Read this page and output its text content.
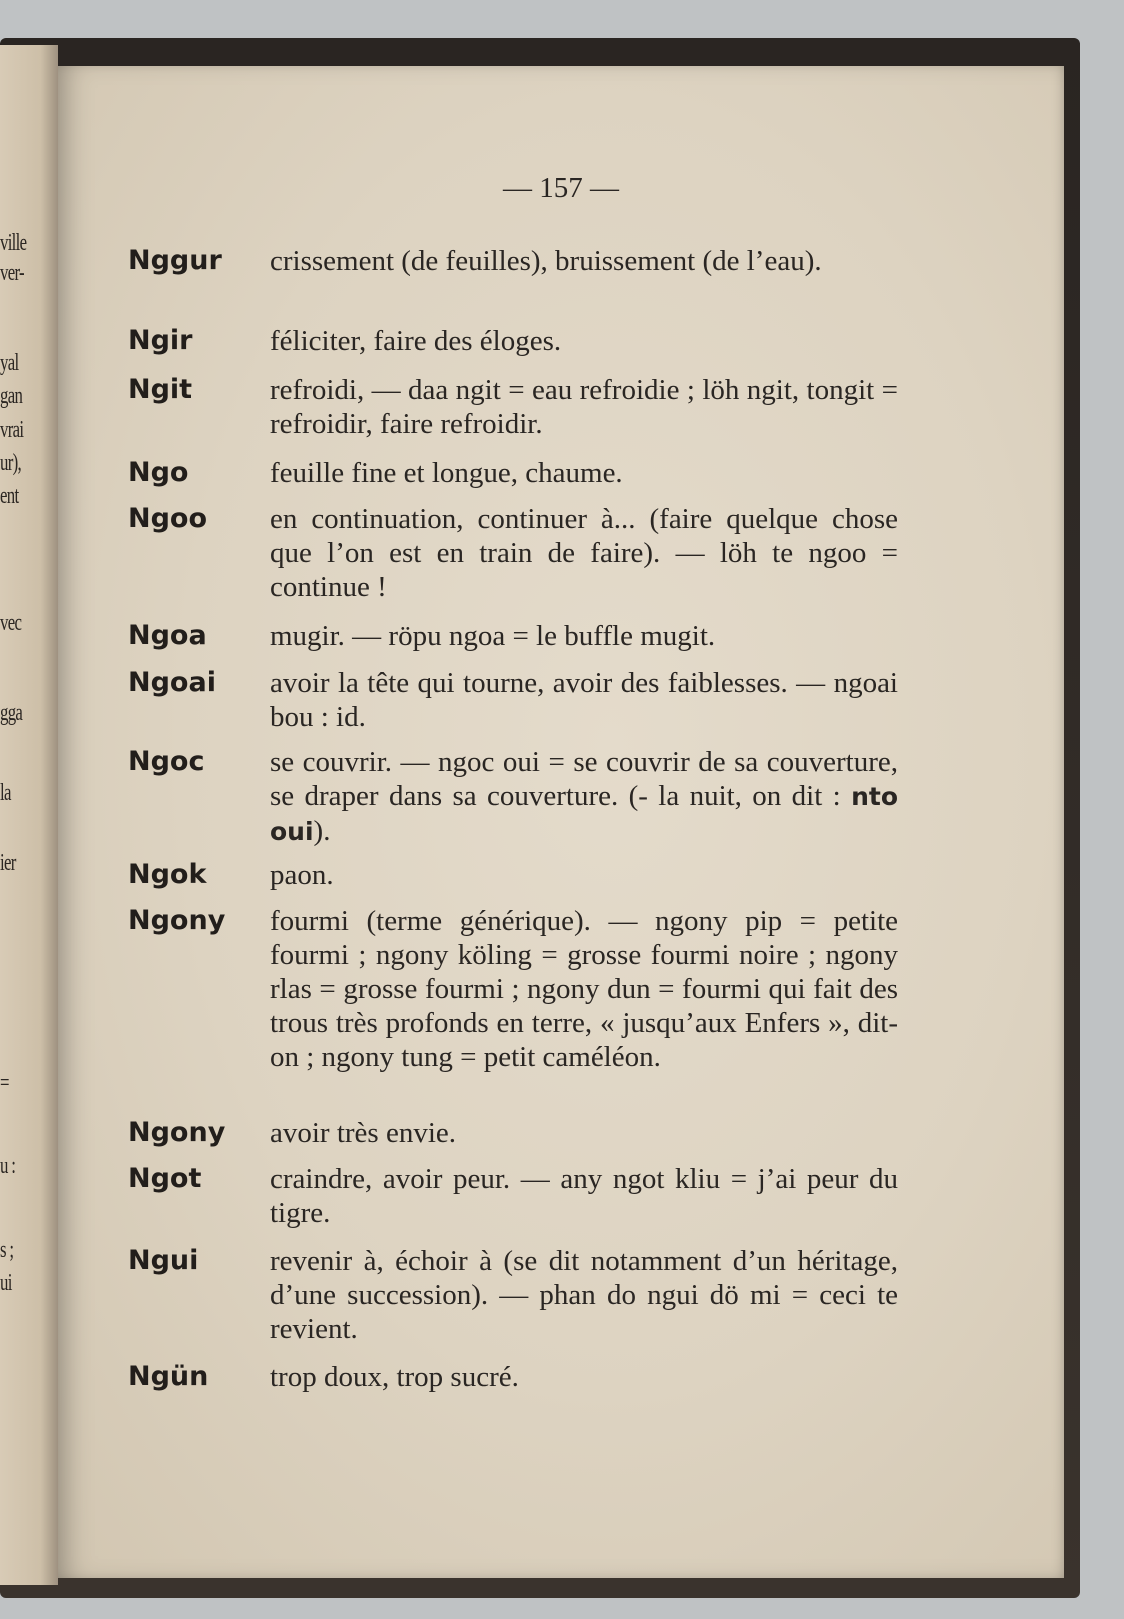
ville
ver-
yal
gan
vrai
ur),
ent
vec
gga
la
ier
=
u :
s ;
ui
— 157 —
Nggur crissement (de feuilles), bruissement (de l’eau).
Ngir	féliciter, faire des éloges.
Ngit	refroidi, — daa ngit = eau refroidie ; löh ngit, tongit = refroidir, faire refroidir.
Ngo	feuille fine et longue, chaume.
Ngoo en continuation, continuer à... (faire quelque chose que l’on est en train de faire). — löh te ngoo = continue !
Ngoa mugir. — röpu ngoa = le buffle mugit.
Ngoai avoir la tête qui tourne, avoir des faiblesses. — ngoai bou : id.
Ngoc se couvrir. — ngoc oui = se couvrir de sa couverture, se draper dans sa couverture. (- la nuit, on dit : nto oui).
Ngok paon.
Ngony fourmi (terme générique). — ngony pip = petite fourmi ; ngony köling = grosse fourmi noire ; ngony rlas = grosse fourmi ; ngony dun = fourmi qui fait des trous très profonds en terre, « jusqu’aux Enfers », dit-on ; ngony tung = petit caméléon.
Ngony avoir très envie.
Ngot craindre, avoir peur. — any ngot kliu = j’ai peur du tigre.
Ngui revenir à, échoir à (se dit notamment d’un héritage, d’une succession). — phan do ngui dö mi = ceci te revient.
Ngün trop doux, trop sucré.
